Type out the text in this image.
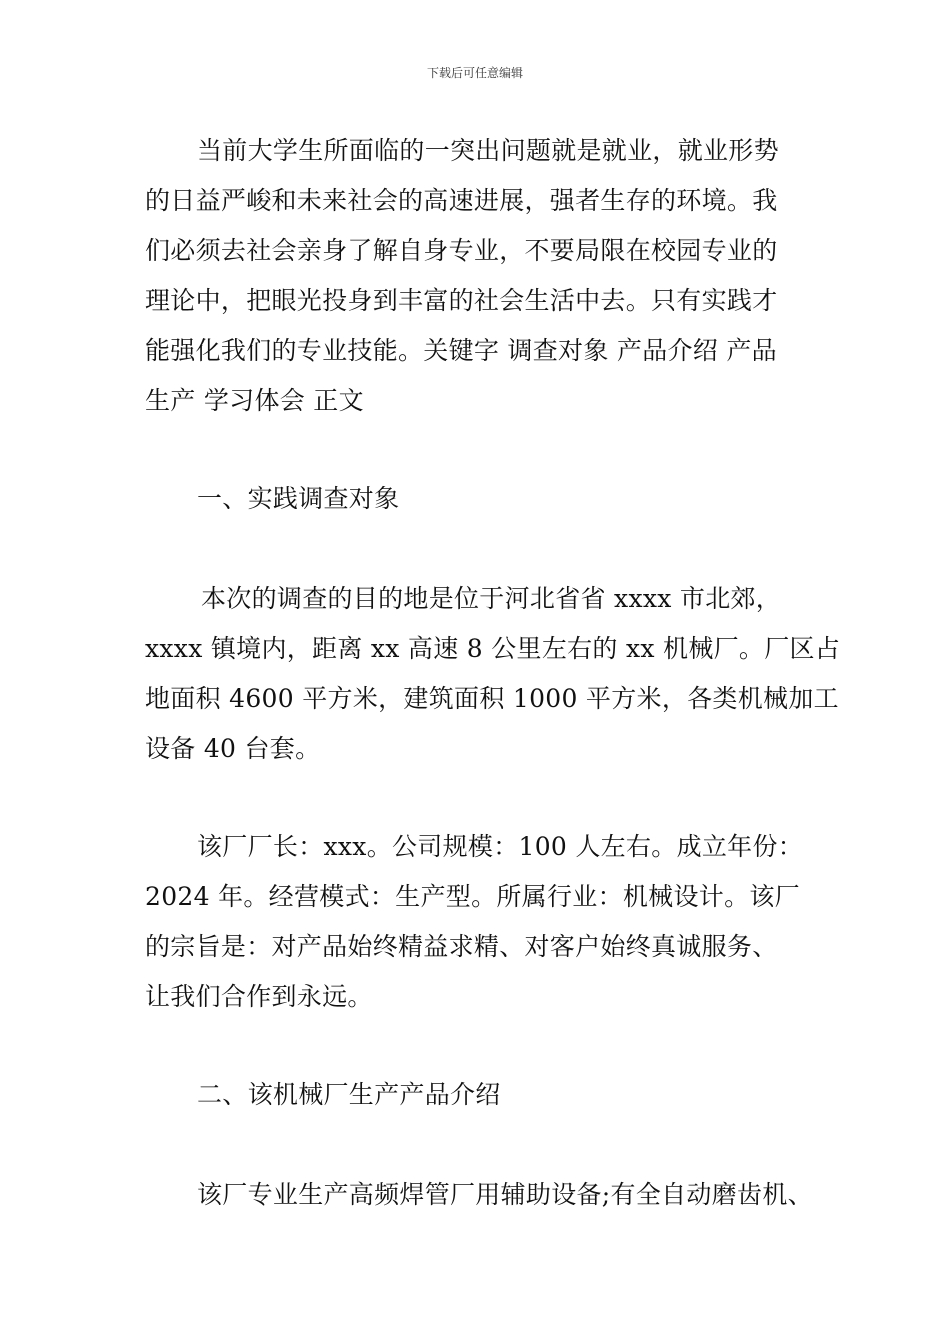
下载后可任意编辑
当前大学生所面临的一突出问题就是就业，就业形势
的日益严峻和未来社会的高速进展，强者生存的环境。我
们必须去社会亲身了解自身专业，不要局限在校园专业的
理论中，把眼光投身到丰富的社会生活中去。只有实践才
能强化我们的专业技能。关键字 调查对象 产品介绍 产品
生产 学习体会 正文
一、实践调查对象
本次的调查的目的地是位于河北省省 xxxx 市北郊，
xxxx 镇境内，距离 xx 高速 8 公里左右的 xx 机械厂。厂区占
地面积 4600 平方米，建筑面积 1000 平方米，各类机械加工
设备 40 台套。
该厂厂长：xxx。公司规模：100 人左右。成立年份：
2024 年。经营模式：生产型。所属行业：机械设计。该厂
的宗旨是：对产品始终精益求精、对客户始终真诚服务、
让我们合作到永远。
二、该机械厂生产产品介绍
该厂专业生产高频焊管厂用辅助设备;有全自动磨齿机、
